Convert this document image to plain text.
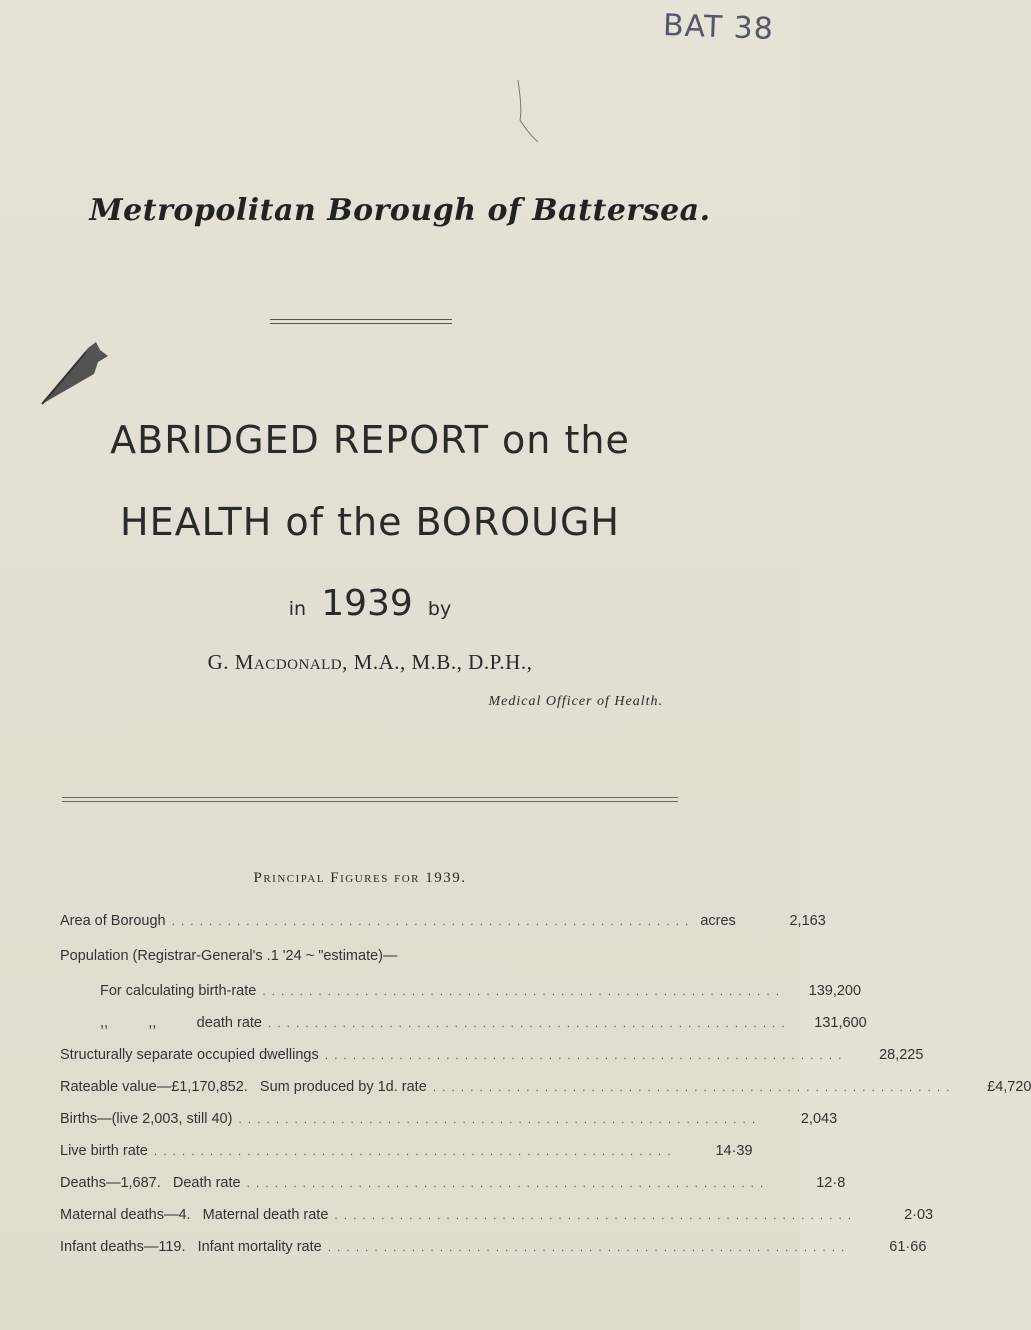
BAT 38
Metropolitan Borough of Battersea.
ABRIDGED REPORT on the
HEALTH of the BOROUGH
in 1939 by
G. Macdonald, M.A., M.B., D.P.H.,
Medical Officer of Health.
Principal Figures for 1939.
Area of Borough ........................................................ acres	2,163
Population (Registrar-General's .1 '24 ~ "estimate)—
For calculating birth-rate ........................................................	139,200
,,          ,,          death rate ........................................................	131,600
Structurally separate occupied dwellings ........................................................	28,225
Rateable value—£1,170,852.   Sum produced by 1d. rate ........................................................	£4,720
Births—(live 2,003, still 40) ........................................................	2,043
Live birth rate ........................................................	14·39
Deaths—1,687.   Death rate ........................................................	12·8
Maternal deaths—4.   Maternal death rate ........................................................	2·03
Infant deaths—119.   Infant mortality rate ........................................................	61·66
